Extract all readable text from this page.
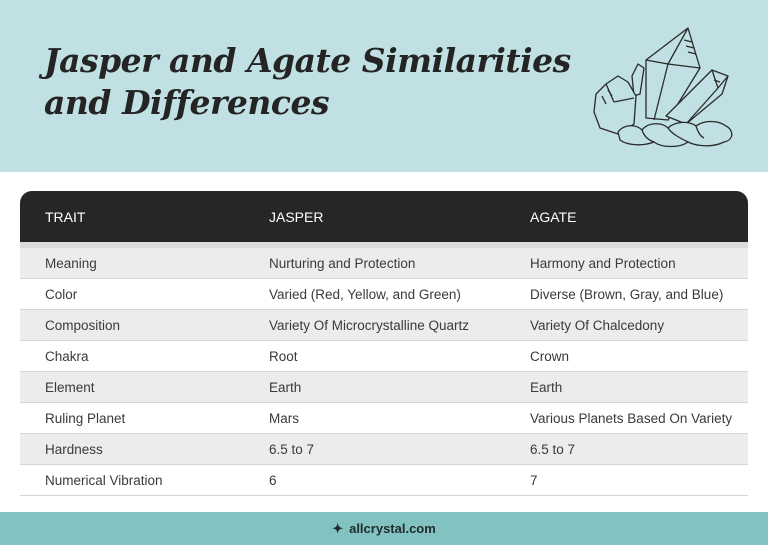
Jasper and Agate Similarities
and Differences
TRAIT	JASPER	AGATE
Meaning	Nurturing and Protection	Harmony and Protection
Color	Varied (Red, Yellow, and Green)	Diverse (Brown, Gray, and Blue)
Composition	Variety Of Microcrystalline Quartz	Variety Of Chalcedony
Chakra	Root	Crown
Element	Earth	Earth
Ruling Planet	Mars	Various Planets Based On Variety
Hardness	6.5 to 7	6.5 to 7
Numerical Vibration	6	7
✦ allcrystal.com
